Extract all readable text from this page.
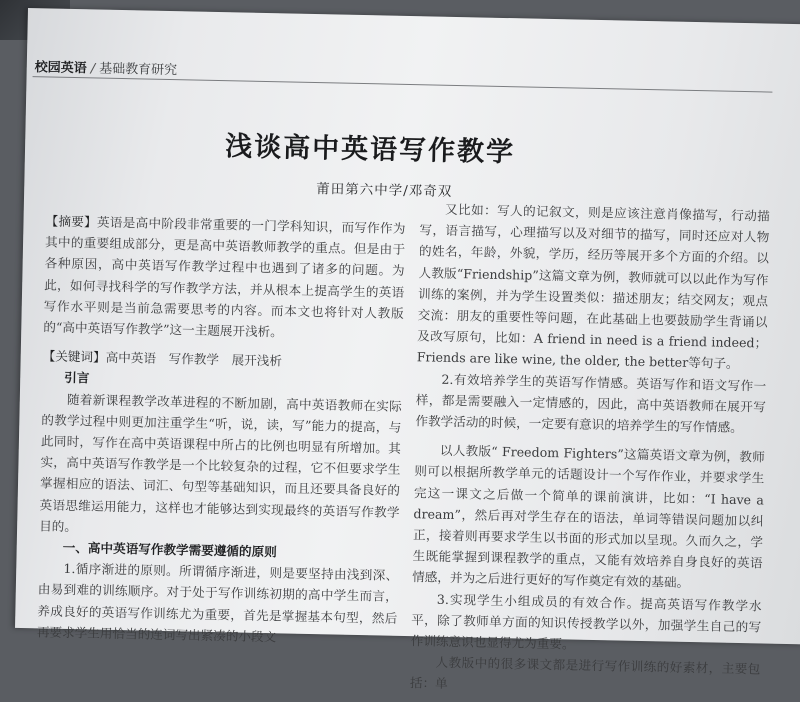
校园英语 / 基础教育研究
浅谈高中英语写作教学
莆田第六中学/邓奇双

【摘要】英语是高中阶段非常重要的一门学科知识，而写作作为其中的重要组成部分，更是高中英语教师教学的重点。但是由于各种原因，高中英语写作教学过程中也遇到了诸多的问题。为此，如何寻找科学的写作教学方法，并从根本上提高学生的英语写作水平则是当前急需要思考的内容。而本文也将针对人教版的“高中英语写作教学”这一主题展开浅析。

【关键词】高中英语　写作教学　展开浅析

引言

随着新课程教学改革进程的不断加剧，高中英语教师在实际的教学过程中则更加注重学生“听，说，读，写”能力的提高，与此同时，写作在高中英语课程中所占的比例也明显有所增加。其实，高中英语写作教学是一个比较复杂的过程，它不但要求学生掌握相应的语法、词汇、句型等基础知识，而且还要具备良好的英语思维运用能力，这样也才能够达到实现最终的英语写作教学目的。

一、高中英语写作教学需要遵循的原则

1.循序渐进的原则。所谓循序渐进，则是要坚持由浅到深、由易到难的训练顺序。对于处于写作训练初期的高中学生而言，养成良好的英语写作训练尤为重要，首先是掌握基本句型，然后再要求学生用恰当的连词写出紧凑的小段文

又比如：写人的记叙文，则是应该注意肖像描写，行动描写，语言描写，心理描写以及对细节的描写，同时还应对人物的姓名，年龄，外貌，学历，经历等展开多个方面的介绍。以人教版“Friendship”这篇文章为例，教师就可以以此作为写作训练的案例，并为学生设置类似：描述朋友；结交网友；观点交流：朋友的重要性等问题，在此基础上也要鼓励学生背诵以及改写原句，比如：A friend in need is a friend indeed；Friends are like wine, the older, the better等句子。

2.有效培养学生的英语写作情感。英语写作和语文写作一样，都是需要融入一定情感的，因此，高中英语教师在展开写作教学活动的时候，一定要有意识的培养学生的写作情感。

以人教版“ Freedom Fighters”这篇英语文章为例，教师则可以根据所教学单元的话题设计一个写作作业，并要求学生完这一课文之后做一个简单的课前演讲，比如：“I have a dream”，然后再对学生存在的语法，单词等错误问题加以纠正，接着则再要求学生以书面的形式加以呈现。久而久之，学生既能掌握到课程教学的重点，又能有效培养自身良好的英语情感，并为之后进行更好的写作奠定有效的基础。

3.实现学生小组成员的有效合作。提高英语写作教学水平，除了教师单方面的知识传授教学以外，加强学生自己的写作训练意识也显得尤为重要。

人教版中的很多课文都是进行写作训练的好素材，主要包括：单
